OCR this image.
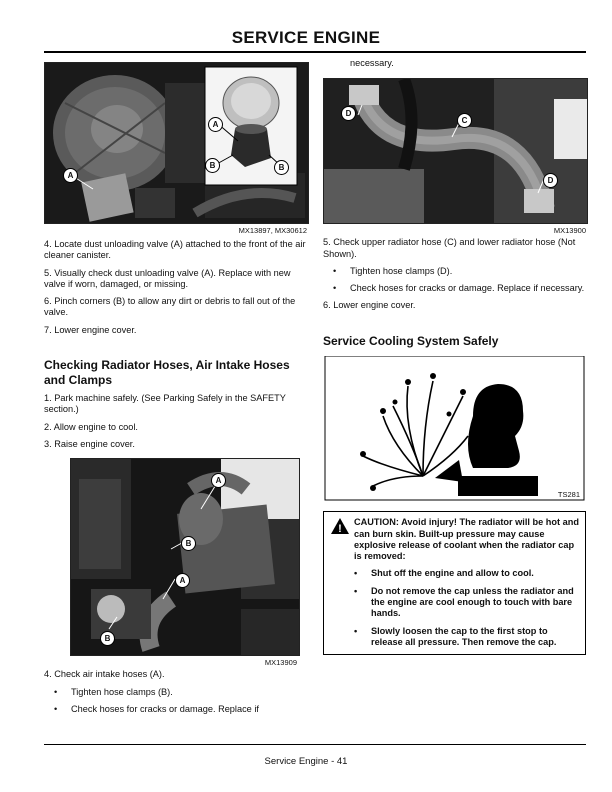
SERVICE ENGINE
A
B	B
A
MX13897, MX30612

4. Locate dust unloading valve (A) attached to the front of the air cleaner canister.

5. Visually check dust unloading valve (A). Replace with new valve if worn, damaged, or missing.

6. Pinch corners (B) to allow any dirt or debris to fall out of the valve.

7. Lower engine cover.

Checking Radiator Hoses, Air Intake Hoses and Clamps

1. Park machine safely. (See Parking Safely in the SAFETY section.)

2. Allow engine to cool.

3. Raise engine cover.

A
B
A
B
MX13909

4. Check air intake hoses (A).

• Tighten hose clamps (B).

• Check hoses for cracks or damage. Replace if

necessary.

D
C
D
MX13900

5. Check upper radiator hose (C) and lower radiator hose (Not Shown).

• Tighten hose clamps (D).

• Check hoses for cracks or damage. Replace if necessary.

6. Lower engine cover.

Service Cooling System Safely
TS281
!

CAUTION: Avoid injury! The radiator will be hot and can burn skin. Built-up pressure may cause explosive release of coolant when the radiator cap is removed:

• Shut off the engine and allow to cool.

• Do not remove the cap unless the radiator and the engine are cool enough to touch with bare hands.

• Slowly loosen the cap to the first stop to release all pressure. Then remove the cap.

Service Engine - 41
